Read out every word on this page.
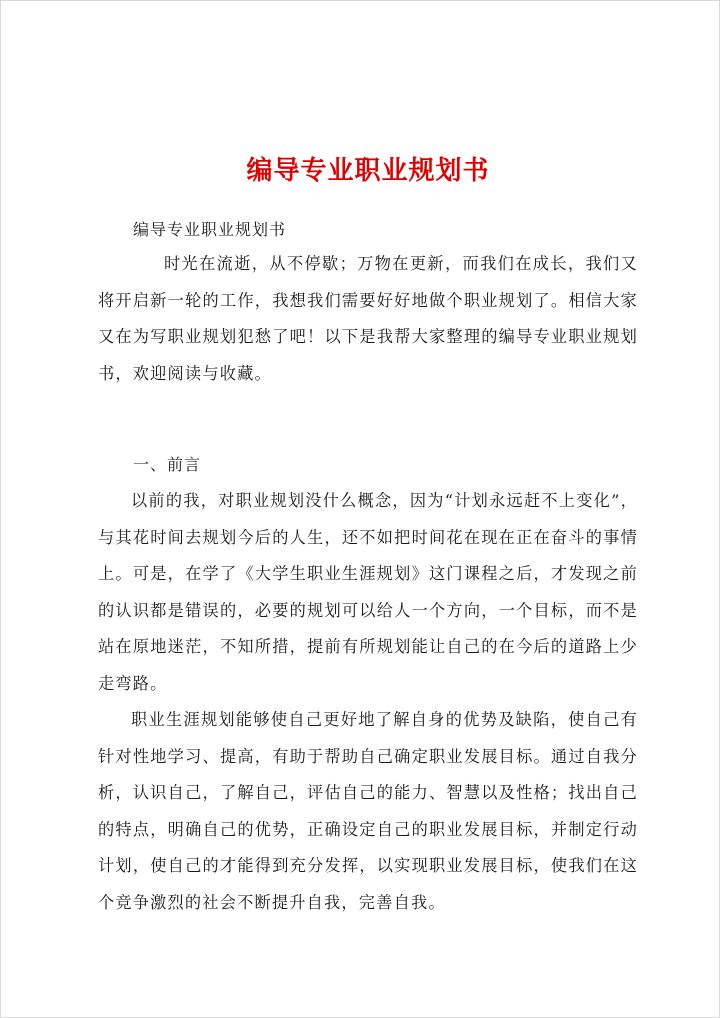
编导专业职业规划书
编导专业职业规划书

时光在流逝，从不停歇；万物在更新，而我们在成长，我们又将开启新一轮的工作，我想我们需要好好地做个职业规划了。相信大家又在为写职业规划犯愁了吧！以下是我帮大家整理的编导专业职业规划书，欢迎阅读与收藏。

一、前言

以前的我，对职业规划没什么概念，因为“计划永远赶不上变化”，与其花时间去规划今后的人生，还不如把时间花在现在正在奋斗的事情上。可是，在学了《大学生职业生涯规划》这门课程之后，才发现之前的认识都是错误的，必要的规划可以给人一个方向，一个目标，而不是站在原地迷茫，不知所措，提前有所规划能让自己的在今后的道路上少走弯路。

职业生涯规划能够使自己更好地了解自身的优势及缺陷，使自己有针对性地学习、提高，有助于帮助自己确定职业发展目标。通过自我分析，认识自己，了解自己，评估自己的能力、智慧以及性格；找出自己的特点，明确自己的优势，正确设定自己的职业发展目标，并制定行动计划，使自己的才能得到充分发挥，以实现职业发展目标，使我们在这个竞争激烈的社会不断提升自我，完善自我。
